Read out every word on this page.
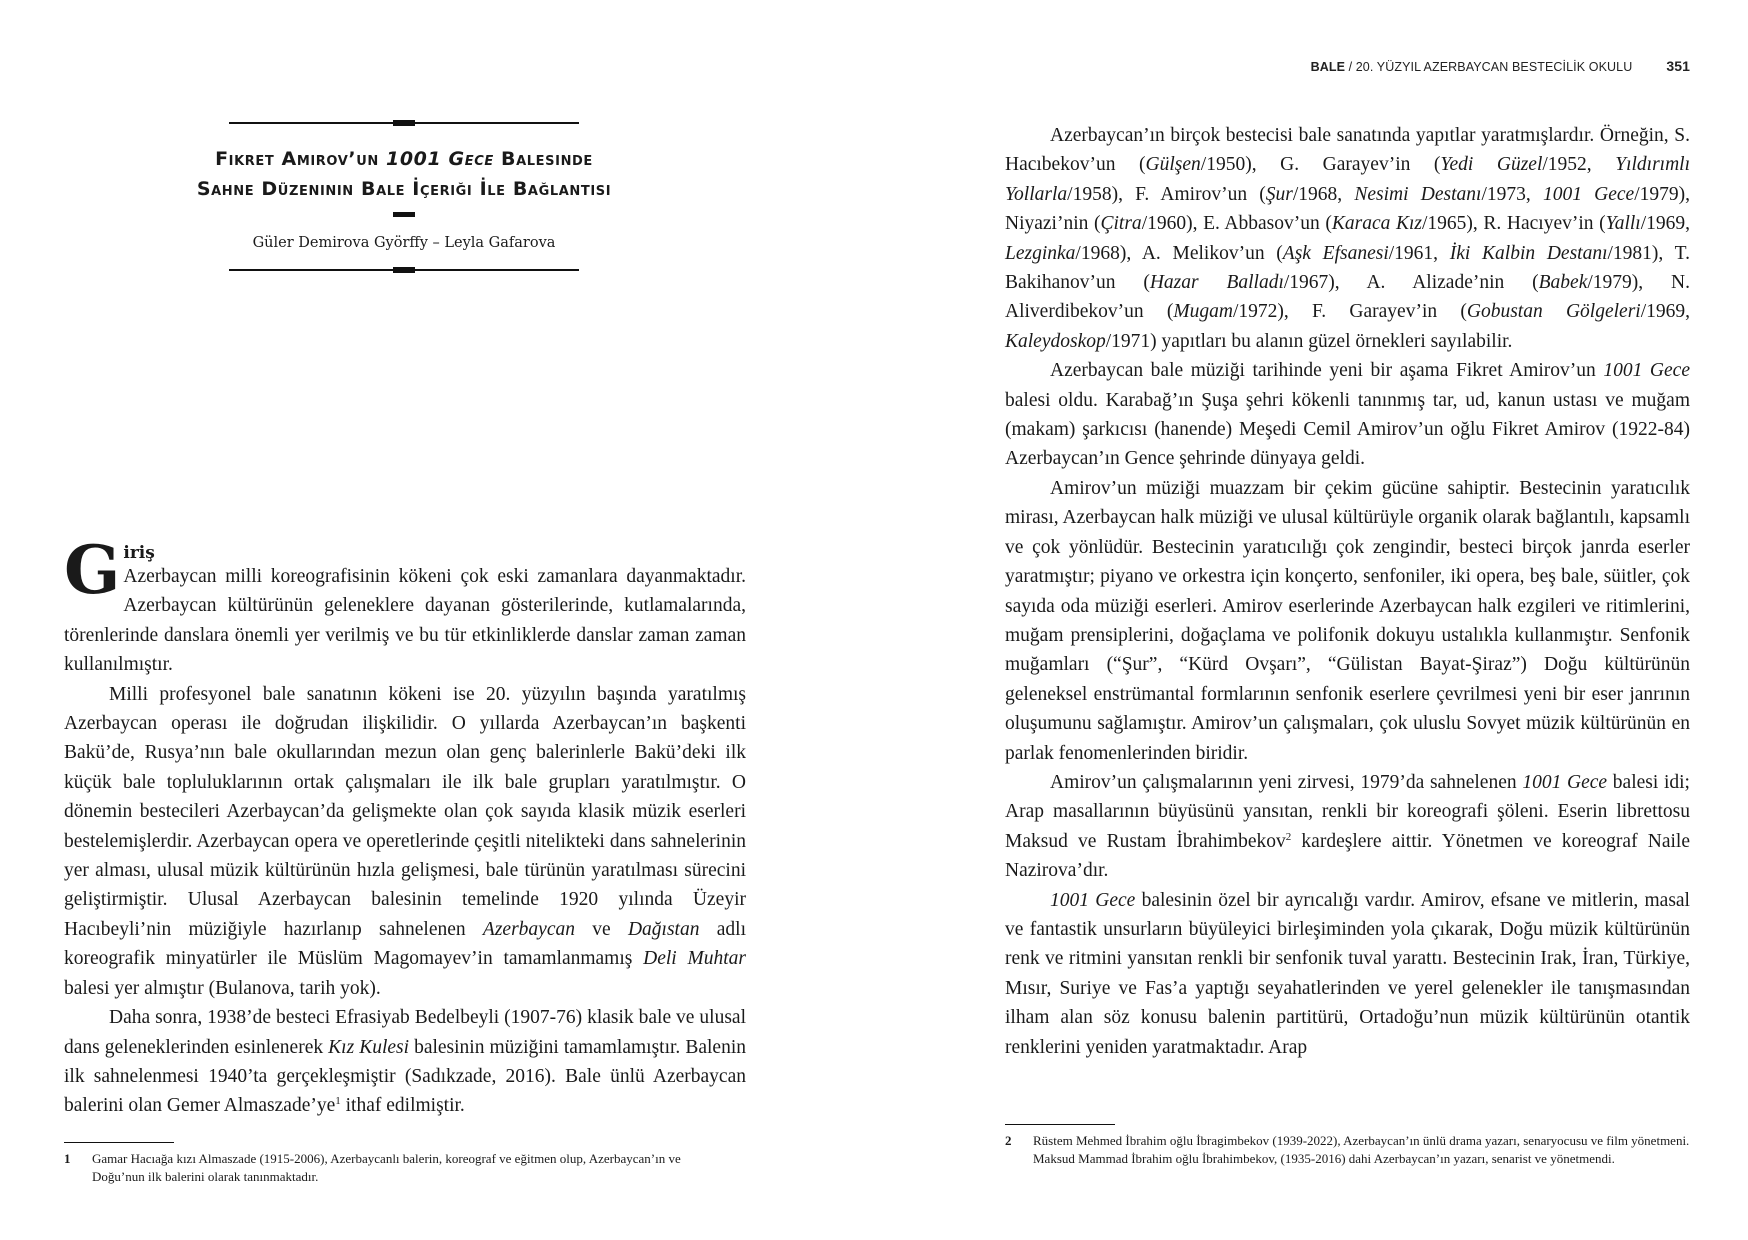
Fikret Amirov’un 1001 Gece Balesinde
Sahne Düzeninin Bale İçeriği İle Bağlantısı
Güler Demirova Györffy – Leyla Gafarova
G iriş

Azerbaycan milli koreografisinin kökeni çok eski zamanlara dayanmaktadır. Azerbaycan kültürünün geleneklere dayanan gösterilerinde, kutlamalarında, törenlerinde danslara önemli yer verilmiş ve bu tür etkinliklerde danslar zaman zaman kullanılmıştır.

Milli profesyonel bale sanatının kökeni ise 20. yüzyılın başında yaratılmış Azerbaycan operası ile doğrudan ilişkilidir. O yıllarda Azerbaycan’ın başkenti Bakü’de, Rusya’nın bale okullarından mezun olan genç balerinlerle Bakü’deki ilk küçük bale topluluklarının ortak çalışmaları ile ilk bale grupları yaratılmıştır. O dönemin bestecileri Azerbaycan’da gelişmekte olan çok sayıda klasik müzik eserleri bestelemişlerdir. Azerbaycan opera ve operetlerinde çeşitli nitelikteki dans sahnelerinin yer alması, ulusal müzik kültürünün hızla gelişmesi, bale türünün yaratılması sürecini geliştirmiştir. Ulusal Azerbaycan balesinin temelinde 1920 yılında Üzeyir Hacıbeyli’nin müziğiyle hazırlanıp sahnelenen Azerbaycan ve Dağıstan adlı koreografik minyatürler ile Müslüm Magomayev’in tamamlanmamış Deli Muhtar balesi yer almıştır (Bulanova, tarih yok).

Daha sonra, 1938’de besteci Efrasiyab Bedelbeyli (1907-76) klasik bale ve ulusal dans geleneklerinden esinlenerek Kız Kulesi balesinin müziğini tamamlamıştır. Balenin ilk sahnelenmesi 1940’ta gerçekleşmiştir (Sadıkzade, 2016). Bale ünlü Azerbaycan balerini olan Gemer $Almaszade’ye^1$ ithaf edilmiştir.

1 Gamar Hacıağa kızı Almaszade (1915-2006), Azerbaycanlı balerin, koreograf ve eğitmen olup, Azerbaycan’ın ve Doğu’nun ilk balerini olarak tanınmaktadır.
BALE / 20. YÜZYIL AZERBAYCAN BESTECİLİK OKULU 351

Azerbaycan’ın birçok bestecisi bale sanatında yapıtlar yaratmışlardır. Örneğin, S. Hacıbekov’un (Gülşen/1950), G. Garayev’in (Yedi Güzel/1952, Yıldırımlı Yollarla/1958), F. Amirov’un (Şur/1968, Nesimi Destanı/1973, 1001 Gece/1979), Niyazi’nin (Çitra/1960), E. Abbasov’un (Karaca Kız/1965), R. Hacıyev’in (Yallı/1969, Lezginka/1968), A. Melikov’un (Aşk Efsanesi/1961, İki Kalbin Destanı/1981), T. Bakihanov’un (Hazar Balladı/1967), A. Alizade’nin (Babek/1979), N. Aliverdibekov’un (Mugam/1972), F. Garayev’in (Gobustan Gölgeleri/1969, Kaleydoskop/1971) yapıtları bu alanın güzel örnekleri sayılabilir.

Azerbaycan bale müziği tarihinde yeni bir aşama Fikret Amirov’un 1001 Gece balesi oldu. Karabağ’ın Şuşa şehri kökenli tanınmış tar, ud, kanun ustası ve muğam (makam) şarkıcısı (hanende) Meşedi Cemil Amirov’un oğlu Fikret Amirov (1922-84) Azerbaycan’ın Gence şehrinde dünyaya geldi.

Amirov’un müziği muazzam bir çekim gücüne sahiptir. Bestecinin yaratıcılık mirası, Azerbaycan halk müziği ve ulusal kültürüyle organik olarak bağlantılı, kapsamlı ve çok yönlüdür. Bestecinin yaratıcılığı çok zengindir, besteci birçok janrda eserler yaratmıştır; piyano ve orkestra için konçerto, senfoniler, iki opera, beş bale, süitler, çok sayıda oda müziği eserleri. Amirov eserlerinde Azerbaycan halk ezgileri ve ritimlerini, muğam prensiplerini, doğaçlama ve polifonik dokuyu ustalıkla kullanmıştır. Senfonik muğamları (“Şur”, “Kürd Ovşarı”, “Gülistan Bayat-Şiraz”) Doğu kültürünün geleneksel enstrümantal formlarının senfonik eserlere çevrilmesi yeni bir eser janrının oluşumunu sağlamıştır. Amirov’un çalışmaları, çok uluslu Sovyet müzik kültürünün en parlak fenomenlerinden biridir.

Amirov’un çalışmalarının yeni zirvesi, 1979’da sahnelenen 1001 Gece balesi idi; Arap masallarının büyüsünü yansıtan, renkli bir koreografi şöleni. Eserin librettosu Maksud ve Rustam İbrahimbekov$^2$ kardeşlere aittir. Yönetmen ve koreograf Naile Nazirova’dır.

1001 Gece balesinin özel bir ayrıcalığı vardır. Amirov, efsane ve mitlerin, masal ve fantastik unsurların büyüleyici birleşiminden yola çıkarak, Doğu müzik kültürünün renk ve ritmini yansıtan renkli bir senfonik tuval yarattı. Bestecinin Irak, İran, Türkiye, Mısır, Suriye ve Fas’a yaptığı seyahatlerinden ve yerel gelenekler ile tanışmasından ilham alan söz konusu balenin partitürü, Ortadoğu’nun müzik kültürünün otantik renklerini yeniden yaratmaktadır. Arap

2 Rüstem Mehmed İbrahim oğlu İbragimbekov (1939-2022), Azerbaycan’ın ünlü drama yazarı, senaryocusu ve film yönetmeni. Maksud Mammad İbrahim oğlu İbrahimbekov, (1935-2016) dahi Azerbaycan’ın yazarı, senarist ve yönetmendi.
